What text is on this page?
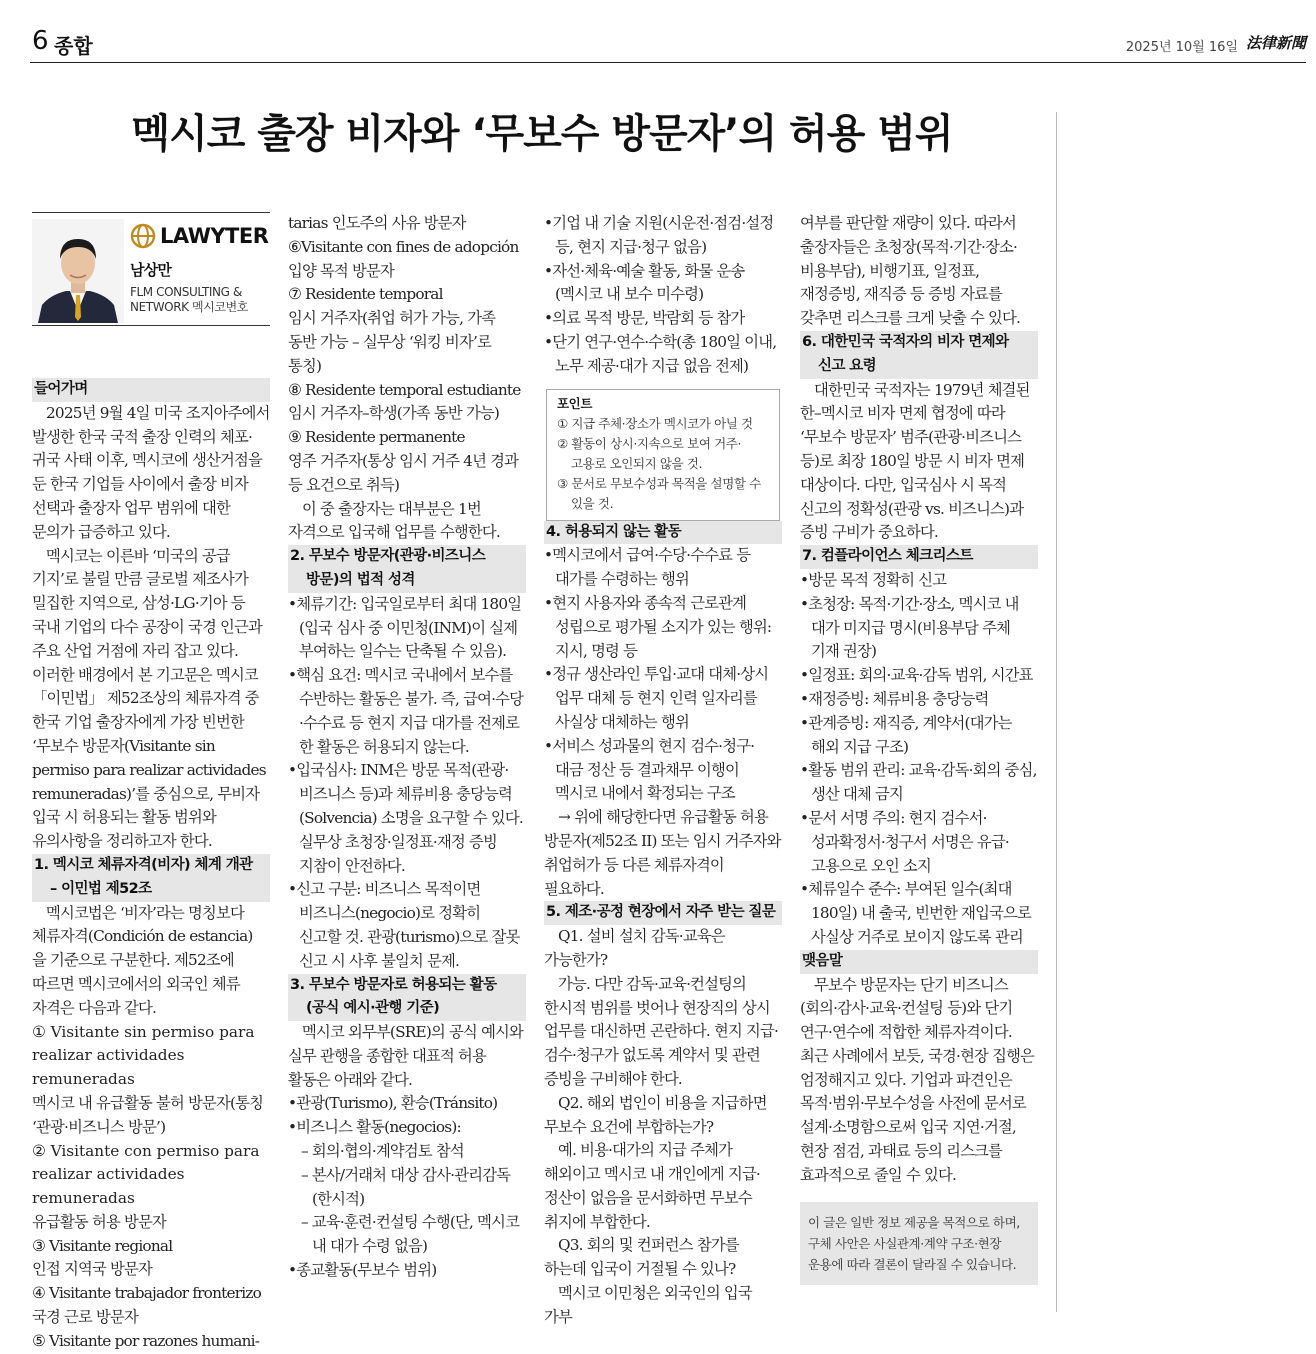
6 종합	2025년 10월 16일 法律新聞
멕시코 출장 비자와 ‘무보수 방문자’의 허용 범위
LAWYTER
남상만
FLM CONSULTING &
NETWORK 멕시코변호

들어가며

2025년 9월 4일 미국 조지아주에서 발생한 한국 국적 출장 인력의 체포·귀국 사태 이후, 멕시코에 생산거점을 둔 한국 기업들 사이에서 출장 비자 선택과 출장자 업무 범위에 대한 문의가 급증하고 있다.

멕시코는 이른바 ‘미국의 공급 기지’로 불릴 만큼 글로벌 제조사가 밀집한 지역으로, 삼성·LG·기아 등 국내 기업의 다수 공장이 국경 인근과 주요 산업 거점에 자리 잡고 있다. 이러한 배경에서 본 기고문은 멕시코 「이민법」 제52조상의 체류자격 중 한국 기업 출장자에게 가장 빈번한 ‘무보수 방문자(Visitante sin permiso para realizar actividades remuneradas)’를 중심으로, 무비자 입국 시 허용되는 활동 범위와 유의사항을 정리하고자 한다.

1. 멕시코 체류자격(비자) 체계 개관
– 이민법 제52조

멕시코법은 ‘비자’라는 명칭보다 체류자격(Condición de estancia) 을 기준으로 구분한다. 제52조에 따르면 멕시코에서의 외국인 체류 자격은 다음과 같다.

① Visitante sin permiso para realizar actividades remuneradas

멕시코 내 유급활동 불허 방문자(통칭 ‘관광·비즈니스 방문’)

② Visitante con permiso para realizar actividades remuneradas

유급활동 허용 방문자

③ Visitante regional

인접 지역국 방문자

④ Visitante trabajador fronterizo

국경 근로 방문자

⑤ Visitante por razones humani-

tarias 인도주의 사유 방문자

⑥Visitante con fines de adopción

입양 목적 방문자

⑦ Residente temporal

임시 거주자(취업 허가 가능, 가족 동반 가능 – 실무상 ‘워킹 비자’로 통칭)

⑧ Residente temporal estudiante

임시 거주자–학생(가족 동반 가능)

⑨ Residente permanente

영주 거주자(통상 임시 거주 4년 경과 등 요건으로 취득)

이 중 출장자는 대부분은 1번 자격으로 입국해 업무를 수행한다.

2. 무보수 방문자(관광·비즈니스
방문)의 법적 성격

•체류기간: 입국일로부터 최대 180일(입국 심사 중 이민청(INM)이 실제 부여하는 일수는 단축될 수 있음).

•핵심 요건: 멕시코 국내에서 보수를 수반하는 활동은 불가. 즉, 급여·수당·수수료 등 현지 지급 대가를 전제로 한 활동은 허용되지 않는다.

•입국심사: INM은 방문 목적(관광·비즈니스 등)과 체류비용 충당능력(Solvencia) 소명을 요구할 수 있다. 실무상 초청장·일정표·재정 증빙 지참이 안전하다.

•신고 구분: 비즈니스 목적이면 비즈니스(negocio)로 정확히 신고할 것. 관광(turismo)으로 잘못 신고 시 사후 불일치 문제.

3. 무보수 방문자로 허용되는 활동
(공식 예시·관행 기준)

멕시코 외무부(SRE)의 공식 예시와 실무 관행을 종합한 대표적 허용 활동은 아래와 같다.

•관광(Turismo), 환승(Tránsito)

•비즈니스 활동(negocios):

– 회의·협의·계약검토 참석

– 본사/거래처 대상 감사·관리감독(한시적)

– 교육·훈련·컨설팅 수행(단, 멕시코 내 대가 수령 없음)

•종교활동(무보수 범위)

•기업 내 기술 지원(시운전·점검·설정 등, 현지 지급·청구 없음)

•자선·체육·예술 활동, 화물 운송(멕시코 내 보수 미수령)

•의료 목적 방문, 박람회 등 참가

•단기 연구·연수·수학(총 180일 이내, 노무 제공·대가 지급 없음 전제)

포인트

① 지급 주체·장소가 멕시코가 아닐 것

② 활동이 상시·지속으로 보여 거주·고용로 오인되지 않을 것.

③ 문서로 무보수성과 목적을 설명할 수 있을 것.

4. 허용되지 않는 활동

•멕시코에서 급여·수당·수수료 등 대가를 수령하는 행위

•현지 사용자와 종속적 근로관계 성립으로 평가될 소지가 있는 행위: 지시, 명령 등

•정규 생산라인 투입·교대 대체·상시 업무 대체 등 현지 인력 일자리를 사실상 대체하는 행위

•서비스 성과물의 현지 검수·청구·대금 정산 등 결과채무 이행이 멕시코 내에서 확정되는 구조

→ 위에 해당한다면 유급활동 허용 방문자(제52조 II) 또는 임시 거주자와 취업허가 등 다른 체류자격이 필요하다.

5. 제조·공정 현장에서 자주 받는 질문

Q1. 설비 설치 감독·교육은 가능한가?

가능. 다만 감독·교육·컨설팅의 한시적 범위를 벗어나 현장직의 상시 업무를 대신하면 곤란하다. 현지 지급·검수·청구가 없도록 계약서 및 관련 증빙을 구비해야 한다.

Q2. 해외 법인이 비용을 지급하면 무보수 요건에 부합하는가?

예. 비용·대가의 지급 주체가 해외이고 멕시코 내 개인에게 지급·정산이 없음을 문서화하면 무보수 취지에 부합한다.

Q3. 회의 및 컨퍼런스 참가를 하는데 입국이 거절될 수 있나?

멕시코 이민청은 외국인의 입국 가부

여부를 판단할 재량이 있다. 따라서 출장자들은 초청장(목적·기간·장소·비용부담), 비행기표, 일정표, 재정증빙, 재직증 등 증빙 자료를 갖추면 리스크를 크게 낮출 수 있다.

6. 대한민국 국적자의 비자 면제와
신고 요령

대한민국 국적자는 1979년 체결된 한–멕시코 비자 면제 협정에 따라 ‘무보수 방문자’ 범주(관광·비즈니스 등)로 최장 180일 방문 시 비자 면제 대상이다. 다만, 입국심사 시 목적 신고의 정확성(관광 vs. 비즈니스)과 증빙 구비가 중요하다.

7. 컴플라이언스 체크리스트

•방문 목적 정확히 신고

•초청장: 목적·기간·장소, 멕시코 내 대가 미지급 명시(비용부담 주체 기재 권장)

•일정표: 회의·교육·감독 범위, 시간표

•재정증빙: 체류비용 충당능력

•관계증빙: 재직증, 계약서(대가는 해외 지급 구조)

•활동 범위 관리: 교육·감독·회의 중심, 생산 대체 금지

•문서 서명 주의: 현지 검수서·성과확정서·청구서 서명은 유급·고용으로 오인 소지

•체류일수 준수: 부여된 일수(최대 180일) 내 출국, 빈번한 재입국으로 사실상 거주로 보이지 않도록 관리

맺음말

무보수 방문자는 단기 비즈니스(회의·감사·교육·컨설팅 등)와 단기 연구·연수에 적합한 체류자격이다. 최근 사례에서 보듯, 국경·현장 집행은 엄정해지고 있다. 기업과 파견인은 목적·범위·무보수성을 사전에 문서로 설계·소명함으로써 입국 지연·거절, 현장 점검, 과태료 등의 리스크를 효과적으로 줄일 수 있다.

이 글은 일반 정보 제공을 목적으로 하며, 구체 사안은 사실관계·계약 구조·현장 운용에 따라 결론이 달라질 수 있습니다.
